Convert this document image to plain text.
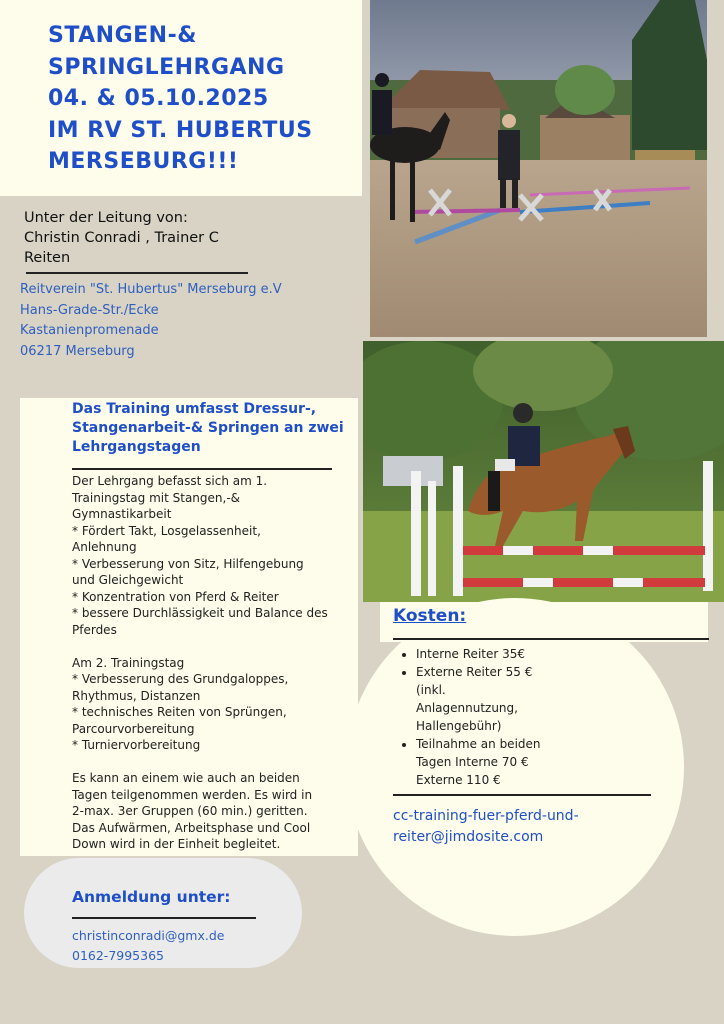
STANGEN-&
SPRINGLEHRGANG
04. & 05.10.2025
IM RV ST. HUBERTUS
MERSEBURG!!!
Unter der Leitung von:
Christin Conradi , Trainer C
Reiten
Reitverein "St. Hubertus" Merseburg e.V
Hans-Grade-Str./Ecke
Kastanienpromenade
06217 Merseburg
Das Training umfasst Dressur-,
Stangenarbeit-& Springen an zwei
Lehrgangstagen
Der Lehrgang befasst sich am 1.
Trainingstag mit Stangen,-&
Gymnastikarbeit
* Fördert Takt, Losgelassenheit,
Anlehnung
* Verbesserung von Sitz, Hilfengebung
und Gleichgewicht
* Konzentration von Pferd & Reiter
* bessere Durchlässigkeit und Balance des
Pferdes
Am 2. Trainingstag
* Verbesserung des Grundgaloppes,
Rhythmus, Distanzen
* technisches Reiten von Sprüngen,
Parcourvorbereitung
* Turniervorbereitung
Es kann an einem wie auch an beiden
Tagen teilgenommen werden. Es wird in
2-max. 3er Gruppen (60 min.) geritten.
Das Aufwärmen, Arbeitsphase und Cool
Down wird in der Einheit begleitet.
Kosten:
• Interne Reiter 35€
• Externe Reiter 55 €
(inkl.
Anlagennutzung,
Hallengebühr)
• Teilnahme an beiden
Tagen Interne 70 €
Externe 110 €
cc-training-fuer-pferd-und-
reiter@jimdosite.com
Anmeldung unter:
christinconradi@gmx.de
0162-7995365
